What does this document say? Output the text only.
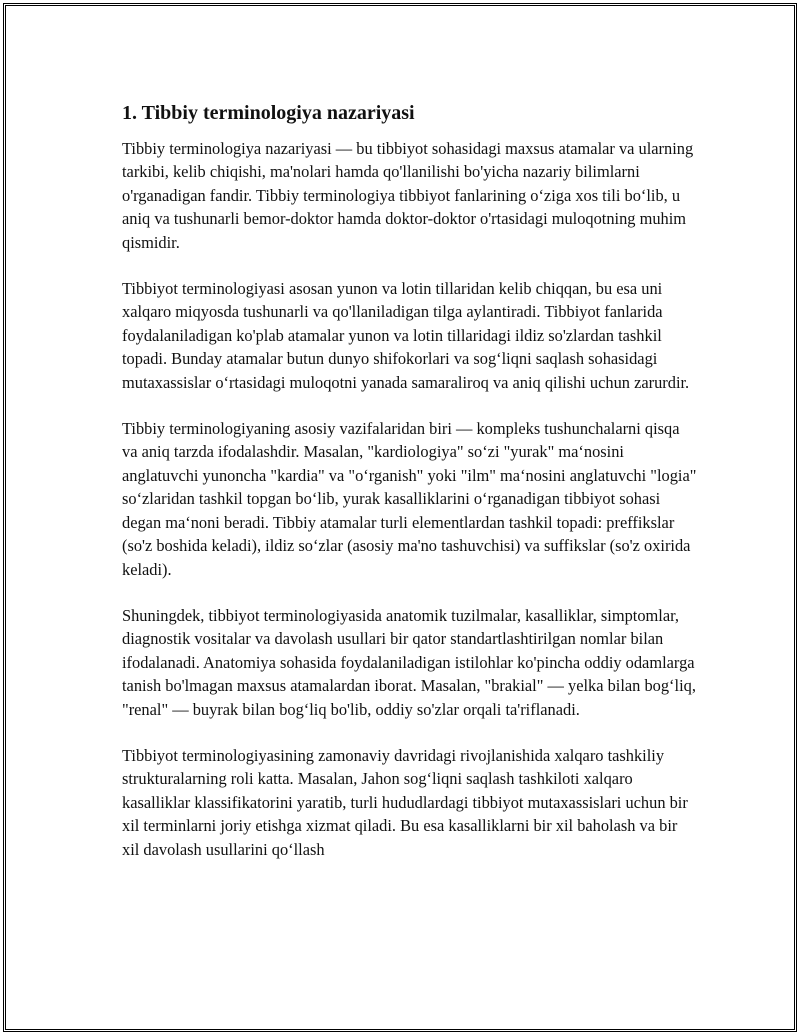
1. Tibbiy terminologiya nazariyasi

Tibbiy terminologiya nazariyasi — bu tibbiyot sohasidagi maxsus atamalar va ularning tarkibi, kelib chiqishi, ma'nolari hamda qo'llanilishi bo'yicha nazariy bilimlarni o'rganadigan fandir. Tibbiy terminologiya tibbiyot fanlarining o‘ziga xos tili bo‘lib, u aniq va tushunarli bemor-doktor hamda doktor-doktor o'rtasidagi muloqotning muhim qismidir.

Tibbiyot terminologiyasi asosan yunon va lotin tillaridan kelib chiqqan, bu esa uni xalqaro miqyosda tushunarli va qo'llaniladigan tilga aylantiradi. Tibbiyot fanlarida foydalaniladigan ko'plab atamalar yunon va lotin tillaridagi ildiz so'zlardan tashkil topadi. Bunday atamalar butun dunyo shifokorlari va sog‘liqni saqlash sohasidagi mutaxassislar o‘rtasidagi muloqotni yanada samaraliroq va aniq qilishi uchun zarurdir.

Tibbiy terminologiyaning asosiy vazifalaridan biri — kompleks tushunchalarni qisqa va aniq tarzda ifodalashdir. Masalan, "kardiologiya" so‘zi "yurak" ma‘nosini anglatuvchi yunoncha "kardia" va "o‘rganish" yoki "ilm" ma‘nosini anglatuvchi "logia" so‘zlaridan tashkil topgan bo‘lib, yurak kasalliklarini o‘rganadigan tibbiyot sohasi degan ma‘noni beradi. Tibbiy atamalar turli elementlardan tashkil topadi: preffikslar (so'z boshida keladi), ildiz so‘zlar (asosiy ma'no tashuvchisi) va suffikslar (so'z oxirida keladi).

Shuningdek, tibbiyot terminologiyasida anatomik tuzilmalar, kasalliklar, simptomlar, diagnostik vositalar va davolash usullari bir qator standartlashtirilgan nomlar bilan ifodalanadi. Anatomiya sohasida foydalaniladigan istilohlar ko'pincha oddiy odamlarga tanish bo'lmagan maxsus atamalardan iborat. Masalan, "brakial" — yelka bilan bog‘liq, "renal" — buyrak bilan bog‘liq bo'lib, oddiy so'zlar orqali ta'riflanadi.

Tibbiyot terminologiyasining zamonaviy davridagi rivojlanishida xalqaro tashkiliy strukturalarning roli katta. Masalan, Jahon sog‘liqni saqlash tashkiloti xalqaro kasalliklar klassifikatorini yaratib, turli hududlardagi tibbiyot mutaxassislari uchun bir xil terminlarni joriy etishga xizmat qiladi. Bu esa kasalliklarni bir xil baholash va bir xil davolash usullarini qo‘llash
